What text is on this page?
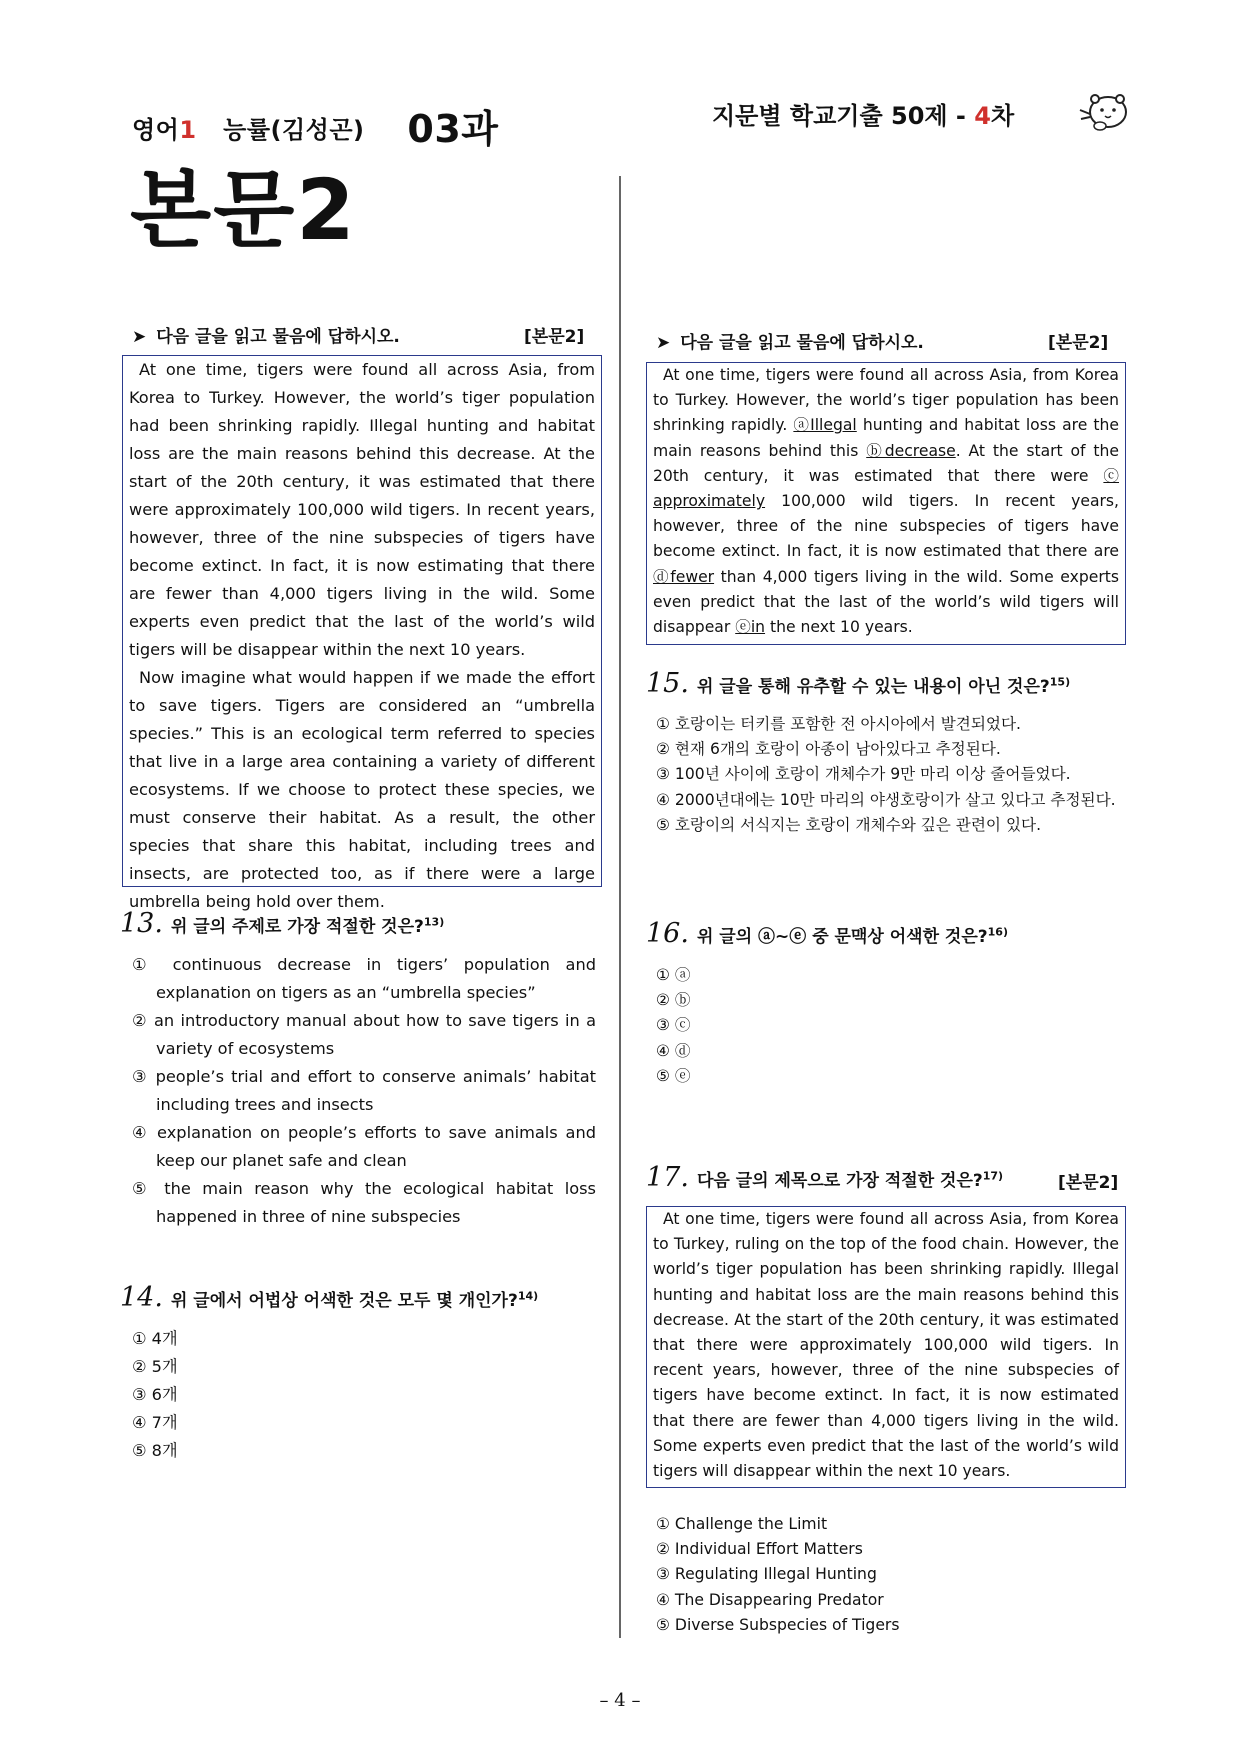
영어1 능률(김성곤) 03과	지문별 학교기출 50제 - 4차
본문2
➤ 다음 글을 읽고 물음에 답하시오.	[본문2]

At one time, tigers were found all across Asia, from Korea to Turkey. However, the world’s tiger population had been shrinking rapidly. Illegal hunting and habitat loss are the main reasons behind this decrease. At the start of the 20th century, it was estimated that there were approximately 100,000 wild tigers. In recent years, however, three of the nine subspecies of tigers have become extinct. In fact, it is now estimating that there are fewer than 4,000 tigers living in the wild. Some experts even predict that the last of the world’s wild tigers will be disappear within the next 10 years.

Now imagine what would happen if we made the effort to save tigers. Tigers are considered an “umbrella species.” This is an ecological term referred to species that live in a large area containing a variety of different ecosystems. If we choose to protect these species, we must conserve their habitat. As a result, the other species that share this habitat, including trees and insects, are protected too, as if there were a large umbrella being hold over them.

13. 위 글의 주제로 가장 적절한 것은?$^{13)}$
① continuous decrease in tigers’ population and explanation on tigers as an “umbrella species”
② an introductory manual about how to save tigers in a variety of ecosystems
③ people’s trial and effort to conserve animals’ habitat including trees and insects
④ explanation on people’s efforts to save animals and keep our planet safe and clean
⑤ the main reason why the ecological habitat loss happened in three of nine subspecies
14. 위 글에서 어법상 어색한 것은 모두 몇 개인가?$^{14)}$
① 4개
② 5개
③ 6개
④ 7개
⑤ 8개
➤ 다음 글을 읽고 물음에 답하시오.	[본문2]

At one time, tigers were found all across Asia, from Korea to Turkey. However, the world’s tiger population has been shrinking rapidly. ⓐIllegal hunting and habitat loss are the main reasons behind this ⓑdecrease. At the start of the 20th century, it was estimated that there were ⓒ approximately 100,000 wild tigers. In recent years, however, three of the nine subspecies of tigers have become extinct. In fact, it is now estimated that there are ⓓfewer than 4,000 tigers living in the wild. Some experts even predict that the last of the world’s wild tigers will disappear ⓔin the next 10 years.

15. 위 글을 통해 유추할 수 있는 내용이 아닌 것은?$^{15)}$
① 호랑이는 터키를 포함한 전 아시아에서 발견되었다.
② 현재 6개의 호랑이 아종이 남아있다고 추정된다.
③ 100년 사이에 호랑이 개체수가 9만 마리 이상 줄어들었다.
④ 2000년대에는 10만 마리의 야생호랑이가 살고 있다고 추정된다.
⑤ 호랑이의 서식지는 호랑이 개체수와 깊은 관련이 있다.
16. 위 글의 ⓐ~ⓔ 중 문맥상 어색한 것은?$^{16)}$
① ⓐ
② ⓑ
③ ⓒ
④ ⓓ
⑤ ⓔ
17. 다음 글의 제목으로 가장 적절한 것은?$^{17)}$	[본문2]

At one time, tigers were found all across Asia, from Korea to Turkey, ruling on the top of the food chain. However, the world’s tiger population has been shrinking rapidly. Illegal hunting and habitat loss are the main reasons behind this decrease. At the start of the 20th century, it was estimated that there were approximately 100,000 wild tigers. In recent years, however, three of the nine subspecies of tigers have become extinct. In fact, it is now estimated that there are fewer than 4,000 tigers living in the wild. Some experts even predict that the last of the world’s wild tigers will disappear within the next 10 years.

① Challenge the Limit
② Individual Effort Matters
③ Regulating Illegal Hunting
④ The Disappearing Predator
⑤ Diverse Subspecies of Tigers
– 4 –
